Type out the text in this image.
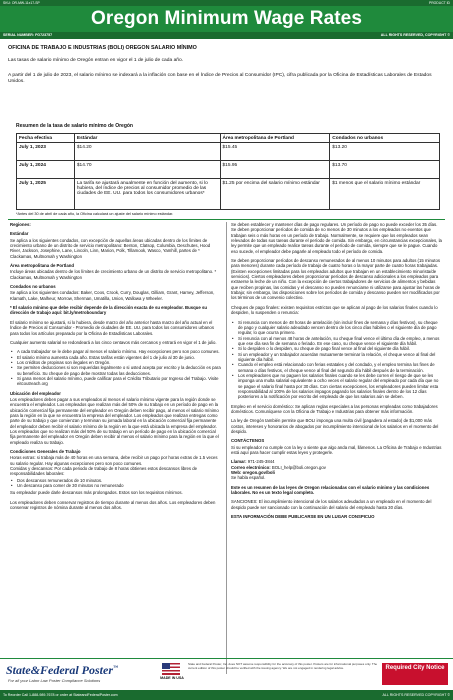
SKU: OR-MW-11x17-SP	PRODUCT ID
Oregon Minimum Wage Rates
SERIAL NUMBER: FG723757	ALL RIGHTS RESERVED, COPYRIGHT ©
OFICINA DE TRABAJO E INDUSTRIAS (BOLI) OREGON SALARIO MÍNIMO
Las tasas de salario mínimo de Oregón entran en vigor el 1 de julio de cada año.
A partir del 1 de julio de 2023, el salario mínimo se indexará a la inflación con base en el Índice de Precios al Consumidor (IPC), cifra publicada por la Oficina de Estadísticas Laborales de Estados Unidos.
Resumen de la tasa de salario mínimo de Oregón
Fecha efectiva	Estándar	Área metropolitana de Portland	Condados no urbanos
July 1, 2023	$14.20	$15.45	$13.20
July 1, 2024	$14.70	$15.95	$13.70
July 1, 2025	La tarifa se ajustará anualmente en función del aumento, si lo hubiera, del índice de precios al consumidor promedio de las ciudades de EE. UU. para todos los consumidores urbanos*	$1.25 por encima del salario mínimo estándar	$1 menos que el salario mínimo estándar
*Antes del 30 de abril de cada año, la Oficina calculará un ajuste del salario mínimo estándar.
Regiones:
Estándar
Se aplica a los siguientes condados, con excepción de aquellas áreas ubicadas dentro de los límites de crecimiento urbano de un distrito de servicio metropolitano: Benton, Clatsop, Columbia, Deschutes, Hood River, Jackson, Josephine, Lane, Lincoln, Linn, Marion, Polk, Tillamook, Wasco, Yamhill, partes de * Clackamas, Multnomah y Washington
Área metropolitana de Portland
Incluye áreas ubicadas dentro de los límites de crecimiento urbano de un distrito de servicio metropolitano. * Clackamas, Multnomah y Washington
Condados no urbanos
Se aplica a los siguientes condados: Baker, Coos, Crook, Curry, Douglas, Gilliam, Grant, Harney, Jefferson, Klamath, Lake, Malheur, Morrow, Sherman, Umatilla, Union, Wallowa y Wheeler.
* El salario mínimo que debe recibir depende de la dirección exacta de su empleador. Busque su dirección de trabajo aquí: bit.ly/metroboundary
El salario mínimo se ajustará, si lo hubiera, desde marzo del año anterior hasta marzo del año actual en el Índice de Precios al Consumidor - Promedio de ciudades de EE. UU. para todos los consumidores urbanos para todos los artículos preparado por la Oficina de Estadísticas Laborales.
Cualquier aumento salarial se redondeará a los cinco centavos más cercanos y entrará en vigor el 1 de julio.
• A cada trabajador se le debe pagar al menos el salario mínimo. Hay excepciones pero son poco comunes.
• El salario mínimo aumenta cada año. Estas tarifas están vigentes del 1 de julio al 30 de junio.
• Los créditos de propinas son ilegales en Oregón.
• Se permiten deducciones si son requeridas legalmente o si usted acepta por escrito y la deducción es para su beneficio. Su cheque de pago debe mostrar todas las deducciones.
• Si gana menos del salario mínimo, puede calificar para el Crédito Tributario por Ingreso del Trabajo. Visite eitcoutreach.org
Ubicación del empleador
Los empleadores deben pagar a sus empleados al menos el salario mínimo vigente para la región donde se encuentra el empleador. Los empleados que realizan más del 50% de su trabajo en un período de pago en la ubicación comercial fija permanente del empleador en Oregón deben recibir pago, al menos el salario mínimo para la región en la que se encuentra la empresa del empleador. Los empleados que realizan entregas como parte de su trabajo y que comienzan y terminan su jornada laboral en la ubicación comercial fija permanente del empleador deben recibir el salario mínimo de la región en la que está ubicada la empresa del empleador. Los empleados que no realizan más del 50% de su trabajo en un período de pago en la ubicación comercial fija permanente del empleador en Oregón deben recibir al menos el salario mínimo para la región en la que el empleado realiza su trabajo.
Condiciones Generales de Trabajo
Horas extras: si trabaja más de 40 horas en una semana, debe recibir un pago por horas extras de 1.5 veces su salario regular. Hay algunas excepciones pero son poco comunes.
Comidas y descansos: Por cada periodo de trabajo de 8 horas obtienes estos descansos libres de responsabilidades laborales:
• Dos descansos remunerados de 10 minutos.
• Un descanso para comer de 30 minutos no remunerado
Su empleador puede darle descansos más prolongados. Estos son los requisitos mínimos.
Los empleadores deben conservar registros de tiempo durante al menos dos años. Los empleadores deben conservar registros de nómina durante al menos dos años.
Se deben establecer y mantener días de pago regulares. Un período de pago no puede exceder los 35 días. Se deben proporcionar períodos de comida de no menos de 30 minutos a los empleados no exentos que trabajan seis o más horas en un período de trabajo. Normalmente, se requiere que los empleados sean relevados de todas sus tareas durante el período de comida. Sin embargo, en circunstancias excepcionales, la ley permite que un empleado realice tareas durante el período de comida, siempre que se le pague. Cuando eso sucede, el empleador debe pagarle al empleado todo el período de comida.
Se deben proporcionar períodos de descanso remunerados de al menos 10 minutos para adultos (15 minutos para menores) durante cada período de trabajo de cuatro horas o la mayor parte de cuatro horas trabajadas. (Existen excepciones limitadas para los empleados adultos que trabajan en un establecimiento minorista/de servicios). Ciertos empleadores deben proporcionar períodos de descanso adicionales a los empleados para extraerse la leche de un niño. Con la excepción de ciertos trabajadores de servicios de alimentos y bebidas que reciben propinas, las comidas y el descanso no pueden renunciarse ni utilizarse para ajustar las horas de trabajo; sin embargo, las disposiciones sobre los períodos de comida y descanso pueden ser modificados por los términos de un convenio colectivo.
Cheques de pago finales: existen requisitos estrictos que se aplican al pago de los salarios finales cuando lo despiden, lo suspenden o renuncia:
• Si renuncia con menos de 48 horas de antelación (sin incluir fines de semana y días festivos), su cheque de pago y cualquier salario adeudado vencen dentro de los cinco días hábiles o el siguiente día de pago regular, lo que ocurra primero.
• Si renuncia con al menos 48 horas de antelación, su cheque final vence el último día de empleo, a menos que ese día sea fin de semana o feriado. En ese caso, su cheque vence el siguiente día hábil.
• Si lo despiden o lo despiden, su cheque de pago final vence al final del siguiente día hábil.
• Si un empleador y un trabajador acuerdan mutuamente terminar la relación, el cheque vence al final del siguiente día hábil.
• Cuando el empleo está relacionado con ferias estatales y del condado, y el empleo termina los fines de semana o días festivos, el cheque vence al final del segundo día hábil después de la terminación.
• Los empleadores que no paguen los salarios finales cuando se les debe corren el riesgo de que se les imponga una multa salarial equivalente a ocho veces el salario regular del empleado por cada día que no se pague el salario final hasta por 30 días. Con ciertas excepciones, los empleadores pueden limitar esta responsabilidad al 100% de los salarios impagos pagando los salarios finales dentro de los 12 días posteriores a la notificación por escrito del empleado de que los salarios aún se deben.
Empleo en el servicio doméstico: Se aplican reglas especiales a las personas empleadas como trabajadores domésticos. Comuníquese con la Oficina de Trabajo e Industrias para obtener más información.
La ley de Oregón también permite que BOLI imponga una multa civil (pagadera al estado) de $1,000 más costos, intereses y honorarios de abogados por incumplimiento intencional de los salarios en el momento del despido.
CONTÁCTENOS
Si su empleador no cumple con la ley o siente que algo anda mal, llámenos. La Oficina de Trabajo e Industrias está aquí para hacer cumplir estas leyes y protegerle.
Llamar: 971-245-3844
Correo electrónico: BOLI_help@boli.oregon.gov
Web: oregon.gov/boli
Se habla español.
Este es un resumen de las leyes de Oregon relacionadas con el salario mínimo y las condiciones laborales. No es un texto legal completo.
SANCIONES: El incumplimiento intencional de los salarios adeudados a un empleado en el momento del despido puede ser sancionado con la continuación del salario del empleado hasta 30 días.
ESTA INFORMACIÓN DEBE PUBLICARSE EN UN LUGAR CONSPICUO
State&Federal Poster™
For all your Labor Law Poster Compliance Solutions	MADE IN USA
State and Federal Poster, Inc. does NOT assume responsibility for the accuracy of this poster. Posters are for informational purposes only. The current edition of this poster should be verified with the issuing agency. We are not engaged in rendering legal advice.	Required City Notice
To Reorder Call 1-888-989-7678 or order at StateandFederalPoster.com	ALL RIGHTS RESERVED COPYRIGHT ©
